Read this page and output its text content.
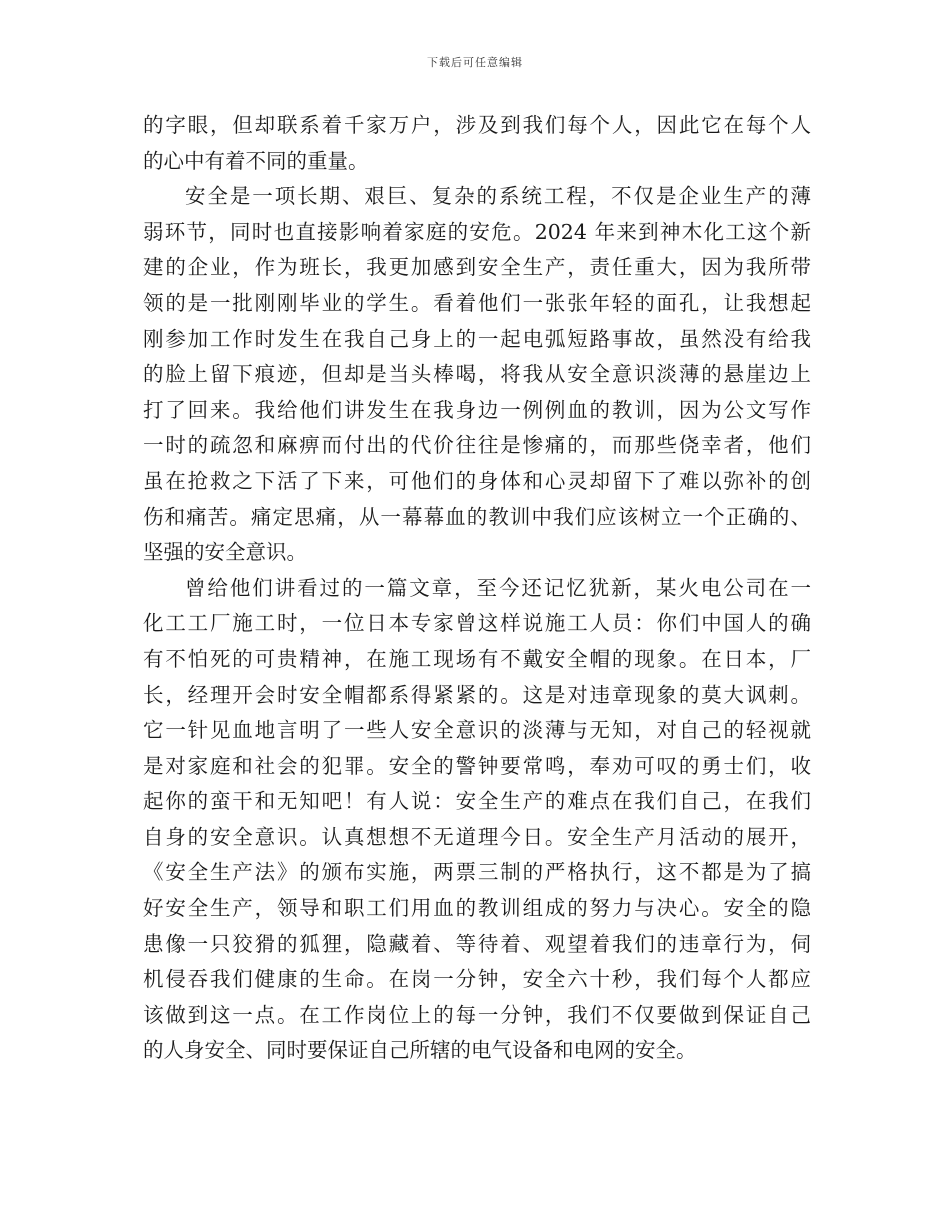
下载后可任意编辑
的字眼，但却联系着千家万户，涉及到我们每个人，因此它在每个人
的心中有着不同的重量。
安全是一项长期、艰巨、复杂的系统工程，不仅是企业生产的薄
弱环节，同时也直接影响着家庭的安危。2024 年来到神木化工这个新
建的企业，作为班长，我更加感到安全生产，责任重大，因为我所带
领的是一批刚刚毕业的学生。看着他们一张张年轻的面孔，让我想起
刚参加工作时发生在我自己身上的一起电弧短路事故，虽然没有给我
的脸上留下痕迹，但却是当头棒喝，将我从安全意识淡薄的悬崖边上
打了回来。我给他们讲发生在我身边一例例血的教训，因为公文写作
一时的疏忽和麻痹而付出的代价往往是惨痛的，而那些侥幸者，他们
虽在抢救之下活了下来，可他们的身体和心灵却留下了难以弥补的创
伤和痛苦。痛定思痛，从一幕幕血的教训中我们应该树立一个正确的、
坚强的安全意识。
曾给他们讲看过的一篇文章，至今还记忆犹新，某火电公司在一
化工工厂施工时，一位日本专家曾这样说施工人员：你们中国人的确
有不怕死的可贵精神，在施工现场有不戴安全帽的现象。在日本，厂
长，经理开会时安全帽都系得紧紧的。这是对违章现象的莫大讽刺。
它一针见血地言明了一些人安全意识的淡薄与无知，对自己的轻视就
是对家庭和社会的犯罪。安全的警钟要常鸣，奉劝可叹的勇士们，收
起你的蛮干和无知吧！有人说：安全生产的难点在我们自己，在我们
自身的安全意识。认真想想不无道理今日。安全生产月活动的展开，
《安全生产法》的颁布实施，两票三制的严格执行，这不都是为了搞
好安全生产，领导和职工们用血的教训组成的努力与决心。安全的隐
患像一只狡猾的狐狸，隐藏着、等待着、观望着我们的违章行为，伺
机侵吞我们健康的生命。在岗一分钟，安全六十秒，我们每个人都应
该做到这一点。在工作岗位上的每一分钟，我们不仅要做到保证自己
的人身安全、同时要保证自己所辖的电气设备和电网的安全。
